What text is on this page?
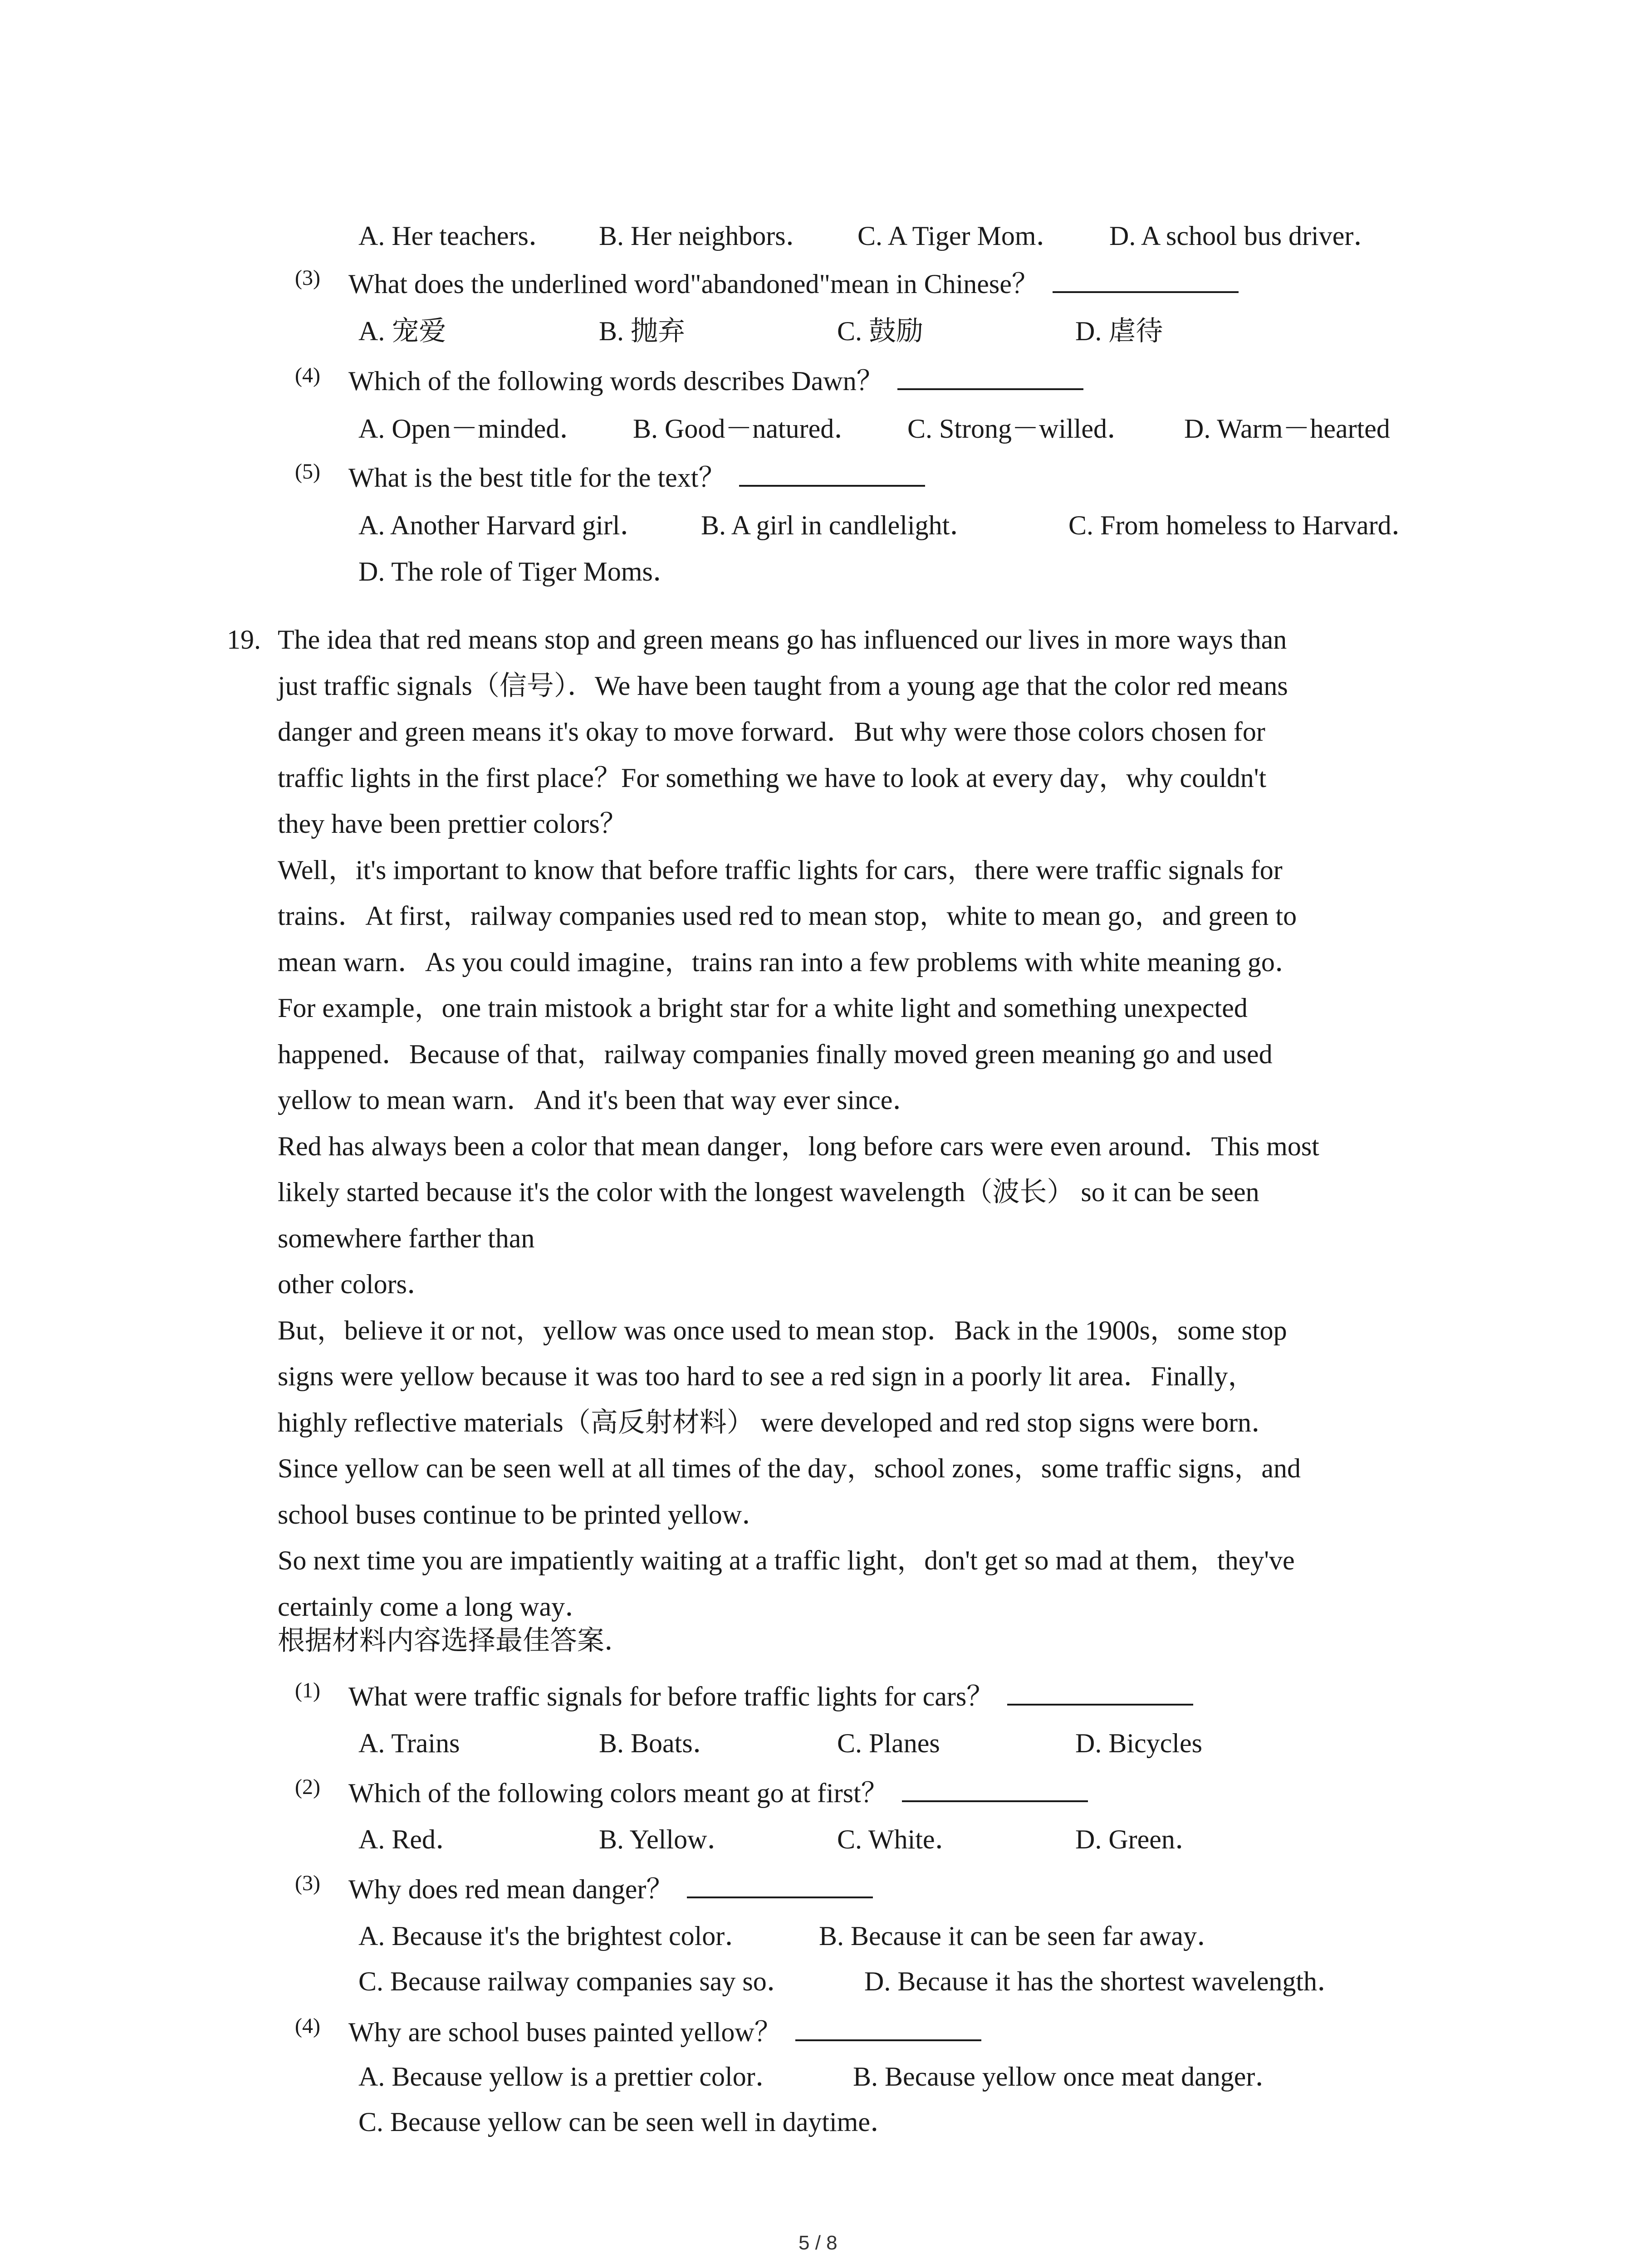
A. Her teachers． B. Her neighbors． C. A Tiger Mom． D. A school bus driver．
(3) What does the underlined word"abandoned"mean in Chinese？
A. 宠爱	B. 抛弃	C. 鼓励	D. 虐待
(4) Which of the following words describes Dawn？
A. Open－minded． B. Good－natured． C. Strong－willed． D. Warm－hearted
(5) What is the best title for the text？
A. Another Harvard girl． B. A girl in candlelight．	C. From homeless to Harvard．
D. The role of Tiger Moms．
19. The idea that red means stop and green means go has influenced our lives in more ways than
just traffic signals（信号）．We have been taught from a young age that the color red means
danger and green means it's okay to move forward．But why were those colors chosen for
traffic lights in the first place？For something we have to look at every day，why couldn't
they have been prettier colors？
Well，it's important to know that before traffic lights for cars，there were traffic signals for
trains．At first，railway companies used red to mean stop，white to mean go，and green to
mean warn．As you could imagine，trains ran into a few problems with white meaning go．
For example，one train mistook a bright star for a white light and something unexpected
happened．Because of that，railway companies finally moved green meaning go and used
yellow to mean warn．And it's been that way ever since．
Red has always been a color that mean danger，long before cars were even around．This most
likely started because it's the color with the longest wavelength（波长） so it can be seen
somewhere farther than
other colors．
But，believe it or not，yellow was once used to mean stop．Back in the 1900s，some stop
signs were yellow because it was too hard to see a red sign in a poorly lit area．Finally，
highly reflective materials（高反射材料） were developed and red stop signs were born．
Since yellow can be seen well at all times of the day，school zones，some traffic signs，and
school buses continue to be printed yellow．
So next time you are impatiently waiting at a traffic light，don't get so mad at them，they've
certainly come a long way．
根据材料内容选择最佳答案．
(1) What were traffic signals for before traffic lights for cars？
A. Trains	B. Boats．	C. Planes	D. Bicycles
(2) Which of the following colors meant go at first？
A. Red．	B. Yellow．	C. White．	D. Green．
(3) Why does red mean danger？
A. Because it's the brightest color． B. Because it can be seen far away．
C. Because railway companies say so．	D. Because it has the shortest wavelength．
(4) Why are school buses painted yellow？
A. Because yellow is a prettier color．	B. Because yellow once meat danger．
C. Because yellow can be seen well in daytime．
5 / 8
